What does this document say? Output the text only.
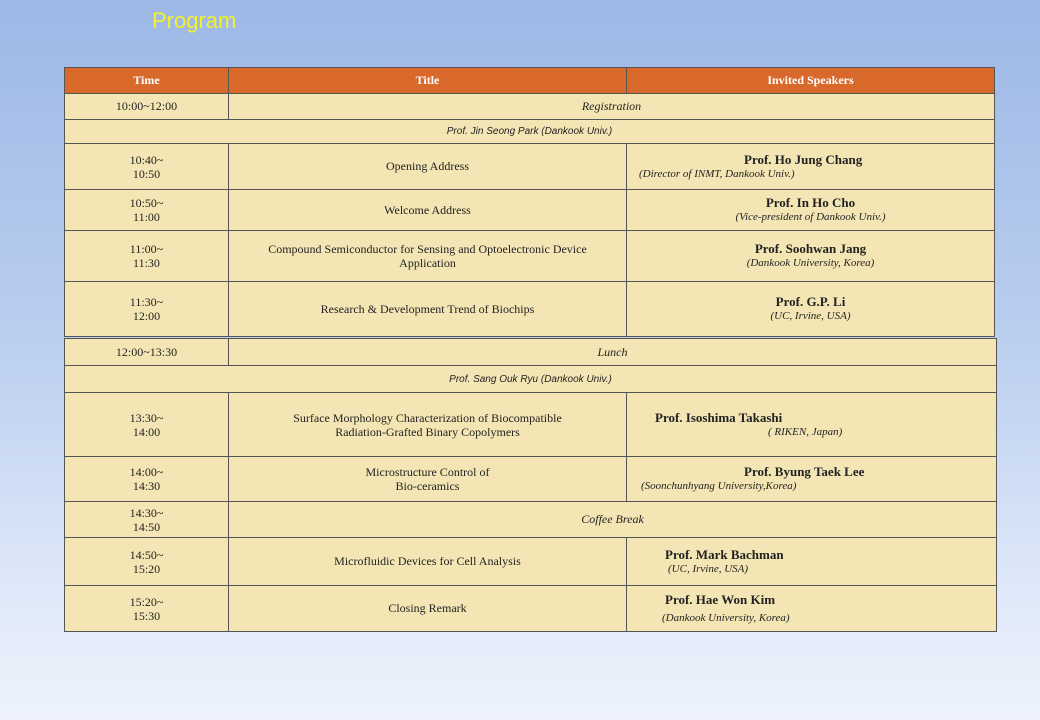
Program
Time	Title	Invited Speakers
10:00~12:00	Registration	
Prof. Jin Seong Park (Dankook Univ.)		

10:40~
10:50	Opening Address	Prof. Ho Jung Chang
(Director of INMT, Dankook Univ.)

10:50~
11:00	Welcome Address	Prof. In Ho Cho
(Vice-president of Dankook Univ.)

11:00~
11:30	Compound Semiconductor for Sensing and Optoelectronic Device
Application	Prof. Soohwan Jang
(Dankook University, Korea)

11:30~
12:00	Research & Development Trend of Biochips	Prof. G.P. Li
(UC, Irvine, USA)
12:00~13:30	Lunch	
Prof. Sang Ouk Ryu (Dankook Univ.)		

13:30~
14:00	Surface Morphology Characterization of Biocompatible
Radiation-Grafted Binary Copolymers	Prof. Isoshima Takashi
( RIKEN, Japan)

14:00~
14:30	Microstructure Control of
Bio-ceramics	Prof. Byung Taek Lee
(Soonchunhyang University,Korea)

14:30~
14:50	Coffee Break	

14:50~
15:20	Microfluidic Devices for Cell Analysis	Prof. Mark Bachman
(UC, Irvine, USA)

15:20~
15:30	Closing Remark	Prof. Hae Won Kim
(Dankook University, Korea)
